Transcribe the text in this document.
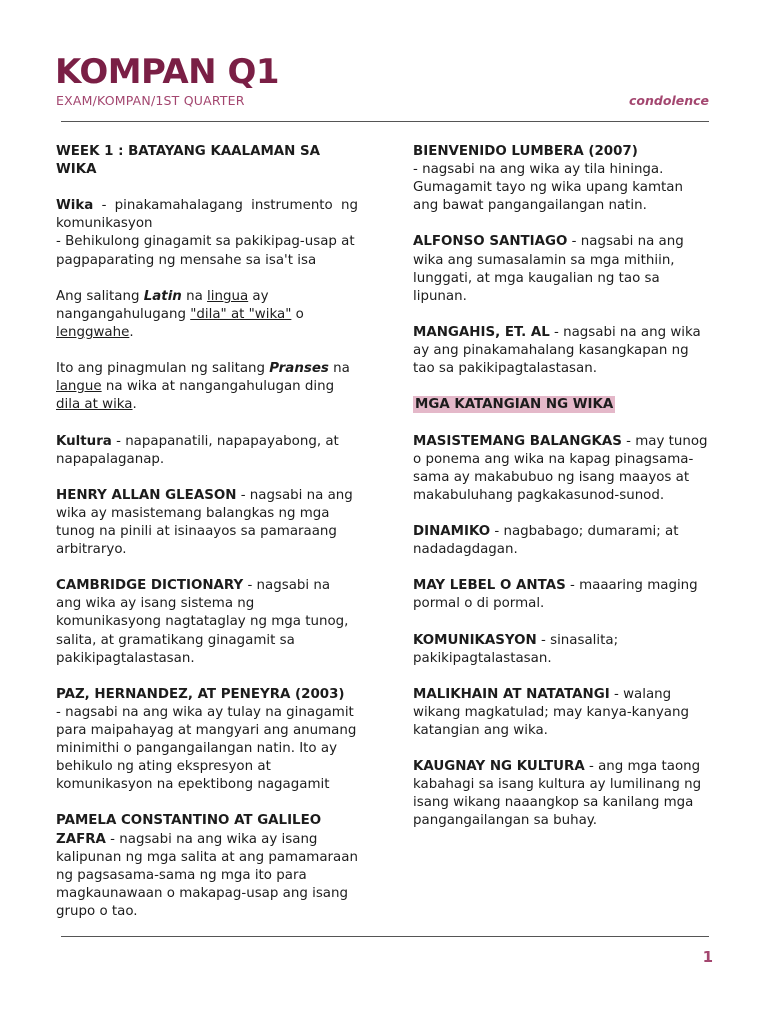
KOMPAN Q1
EXAM/KOMPAN/1ST QUARTER	condolence

WEEK 1 : BATAYANG KAALAMAN SA WIKA

Wika - pinakamahalagang instrumento ng komunikasyon
- Behikulong ginagamit sa pakikipag-usap at pagpaparating ng mensahe sa isa't isa

Ang salitang Latin na lingua ay nangangahulugang "dila" at "wika" o lenggwahe.

Ito ang pinagmulan ng salitang Pranses na langue na wika at nangangahulugan ding dila at wika.

Kultura - napapanatili, napapayabong, at napapalaganap.

HENRY ALLAN GLEASON - nagsabi na ang wika ay masistemang balangkas ng mga tunog na pinili at isinaayos sa pamaraang arbitraryo.

CAMBRIDGE DICTIONARY - nagsabi na ang wika ay isang sistema ng komunikasyong nagtataglay ng mga tunog, salita, at gramatikang ginagamit sa pakikipagtalastasan.

PAZ, HERNANDEZ, AT PENEYRA (2003)
- nagsabi na ang wika ay tulay na ginagamit para maipahayag at mangyari ang anumang minimithi o pangangailangan natin. Ito ay behikulo ng ating ekspresyon at komunikasyon na epektibong nagagamit

PAMELA CONSTANTINO AT GALILEO ZAFRA - nagsabi na ang wika ay isang kalipunan ng mga salita at ang pamamaraan ng pagsasama-sama ng mga ito para magkaunawaan o makapag-usap ang isang grupo o tao.

BIENVENIDO LUMBERA (2007)
- nagsabi na ang wika ay tila hininga. Gumagamit tayo ng wika upang kamtan ang bawat pangangailangan natin.

ALFONSO SANTIAGO - nagsabi na ang wika ang sumasalamin sa mga mithiin, lunggati, at mga kaugalian ng tao sa lipunan.

MANGAHIS, ET. AL - nagsabi na ang wika ay ang pinakamahalang kasangkapan ng tao sa pakikipagtalastasan.

MGA KATANGIAN NG WIKA

MASISTEMANG BALANGKAS - may tunog o ponema ang wika na kapag pinagsama-sama ay makabubuo ng isang maayos at makabuluhang pagkakasunod-sunod.

DINAMIKO - nagbabago; dumarami; at nadadagdagan.

MAY LEBEL O ANTAS - maaaring maging pormal o di pormal.

KOMUNIKASYON - sinasalita; pakikipagtalastasan.

MALIKHAIN AT NATATANGI - walang wikang magkatulad; may kanya-kanyang katangian ang wika.

KAUGNAY NG KULTURA - ang mga taong kabahagi sa isang kultura ay lumilinang ng isang wikang naaangkop sa kanilang mga pangangailangan sa buhay.

1
